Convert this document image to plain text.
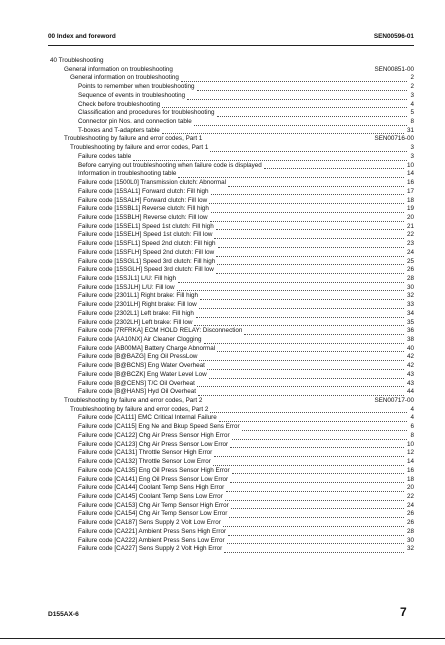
00 Index and foreword	SEN00596-01
40 Troubleshooting
General information on troubleshooting	SEN00851-00
General information on troubleshooting	2
Points to remember when troubleshooting	2
Sequence of events in troubleshooting	3
Check before troubleshooting	4
Classification and procedures for troubleshooting	5
Connector pin Nos. and connection table	8
T-boxes and T-adapters table	31
Troubleshooting by failure and error codes, Part 1	SEN00716-00
Troubleshooting by failure and error codes, Part 1	3
Failure codes table	3
Before carrying out troubleshooting when failure code is displayed	10
Information in troubleshooting table	14
Failure code [1500L0] Transmission clutch: Abnormal	16
Failure code [15SAL1] Forward clutch: Fill high	17
Failure code [15SALH] Forward clutch: Fill low	18
Failure code [15SBL1] Reverse clutch: Fill high	19
Failure code [15SBLH] Reverse clutch: Fill low	20
Failure code [15SEL1] Speed 1st clutch: Fill high	21
Failure code [15SELH] Speed 1st clutch: Fill low	22
Failure code [15SFL1] Speed 2nd clutch: Fill high	23
Failure code [15SFLH] Speed 2nd clutch: Fill low	24
Failure code [15SGL1] Speed 3rd clutch: Fill high	25
Failure code [15SGLH] Speed 3rd clutch: Fill low	26
Failure code [15SJL1] L/U: Fill high	28
Failure code [15SJLH] L/U: Fill low	30
Failure code [2301L1] Right brake: Fill high	32
Failure code [2301LH] Right brake: Fill low	33
Failure code [2302L1] Left brake: Fill high	34
Failure code [2302LH] Left brake: Fill low	35
Failure code [7RFRKA] ECM HOLD RELAY: Disconnection	36
Failure code [AA10NX] Air Cleaner Clogging	38
Failure code [AB00MA] Battery Charge Abnormal	40
Failure code [B@BAZG] Eng Oil PressLow	42
Failure code [B@BCNS] Eng Water Overheat	42
Failure code [B@BCZK] Eng Water Level Low	43
Failure code [B@CENS] T/C Oil Overheat	43
Failure code [B@HANS] Hyd Oil Overheat	44
Troubleshooting by failure and error codes, Part 2	SEN00717-00
Troubleshooting by failure and error codes, Part 2	4
Failure code [CA111] EMC Critical Internal Failure	4
Failure code [CA115] Eng Ne and Bkup Speed Sens Error	6
Failure code [CA122] Chg Air Press Sensor High Error	8
Failure code [CA123] Chg Air Press Sensor Low Error	10
Failure code [CA131] Throttle Sensor High Error	12
Failure code [CA132] Throttle Sensor Low Error	14
Failure code [CA135] Eng Oil Press Sensor High Error	16
Failure code [CA141] Eng Oil Press Sensor Low Error	18
Failure code [CA144] Coolant Temp Sens High Error	20
Failure code [CA145] Coolant Temp Sens Low Error	22
Failure code [CA153] Chg Air Temp Sensor High Error	24
Failure code [CA154] Chg Air Temp Sensor Low Error	26
Failure code [CA187] Sens Supply 2 Volt Low Error	26
Failure code [CA221] Ambient Press Sens High Error	28
Failure code [CA222] Ambient Press Sens Low Error	30
Failure code [CA227] Sens Supply 2 Volt High Error	32
D155AX-6	7
